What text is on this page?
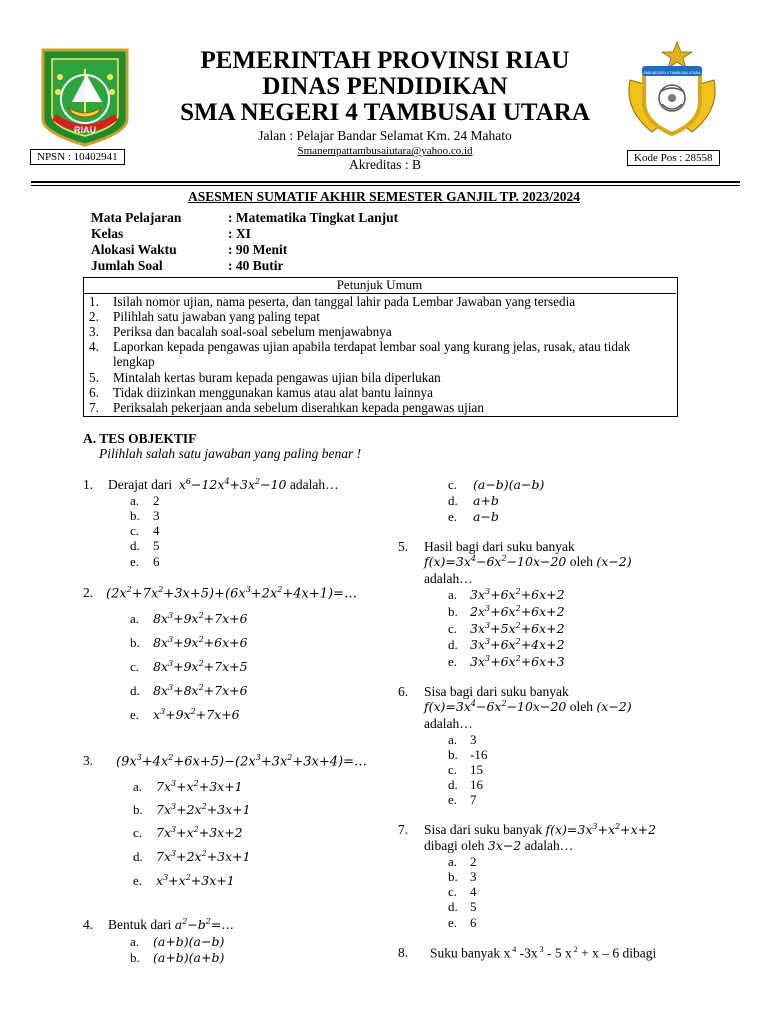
RIAU
SMA NEGERI 4 TAMBUSAI UTARA
PEMERINTAH PROVINSI RIAU
DINAS PENDIDIKAN
SMA NEGERI 4 TAMBUSAI UTARA
Jalan : Pelajar Bandar Selamat Km. 24 Mahato
Smanempattambusaiutara@yahoo.co.id
Akreditas : B
NPSN : 10402941	Kode Pos : 28558
ASESMEN SUMATIF AKHIR SEMESTER GANJIL TP. 2023/2024
Mata Pelajaran	: Matematika Tingkat Lanjut
Kelas	: XI
Alokasi Waktu	: 90 Menit
Jumlah Soal	: 40 Butir
Petunjuk Umum
1. Isilah nomor ujian, nama peserta, dan tanggal lahir pada Lembar Jawaban yang tersedia
2. Pilihlah satu jawaban yang paling tepat
3. Periksa dan bacalah soal-soal sebelum menjawabnya
4. Laporkan kepada pengawas ujian apabila terdapat lembar soal yang kurang jelas, rusak, atau tidak lengkap
5. Mintalah kertas buram kepada pengawas ujian bila diperlukan
6. Tidak diizinkan menggunakan kamus atau alat bantu lainnya
7. Periksalah pekerjaan anda sebelum diserahkan kepada pengawas ujian
A. TES OBJEKTIF
Pilihlah salah satu jawaban yang paling benar !
1. Derajat dari $x^6-12x^4+3x^2-10$ adalah…
a. 2
b. 3
c. 4
d. 5
e. 6
2. $(2x^2+7x^2+3x+5)+(6x^3+2x^2+4x+1)=\dots$
a. $8x^3+9x^2+7x+6$
b. $8x^3+9x^2+6x+6$
c. $8x^3+9x^2+7x+5$
d. $8x^3+8x^2+7x+6$
e. $x^3+9x^2+7x+6$
3. $(9x^3+4x^2+6x+5)-(2x^3+3x^2+3x+4)=\dots$
a. $7x^3+x^2+3x+1$
b. $7x^3+2x^2+3x+1$
c. $7x^3+x^2+3x+2$
d. $7x^3+2x^2+3x+1$
e. $x^3+x^2+3x+1$
4. Bentuk dari $a^2-b^2=\dots$
a. (a+b)(a−b)
b. (a+b)(a+b)
c. (a−b)(a−b)
d. a+b
e. a−b
5. Hasil bagi dari suku banyak
$f(x)=3x^4-6x^2-10x-20$ oleh (x−2)
adalah…
a. $3x^3+6x^2+6x+2$
b. $2x^3+6x^2+6x+2$
c. $3x^3+5x^2+6x+2$
d. $3x^3+6x^2+4x+2$
e. $3x^3+6x^2+6x+3$
6. Sisa bagi dari suku banyak
$f(x)=3x^4-6x^2-10x-20$ oleh (x−2)
adalah…
a. 3
b. -16
c. 15
d. 16
e. 7
7. Sisa dari suku banyak $f(x)=3x^3+x^2+x+2$
dibagi oleh 3x−2 adalah…
a. 2
b. 3
c. 4
d. 5
e. 6
8. Suku banyak x $^4$ -3x $^3$ - 5 x $^2$ + x – 6 dibagi
